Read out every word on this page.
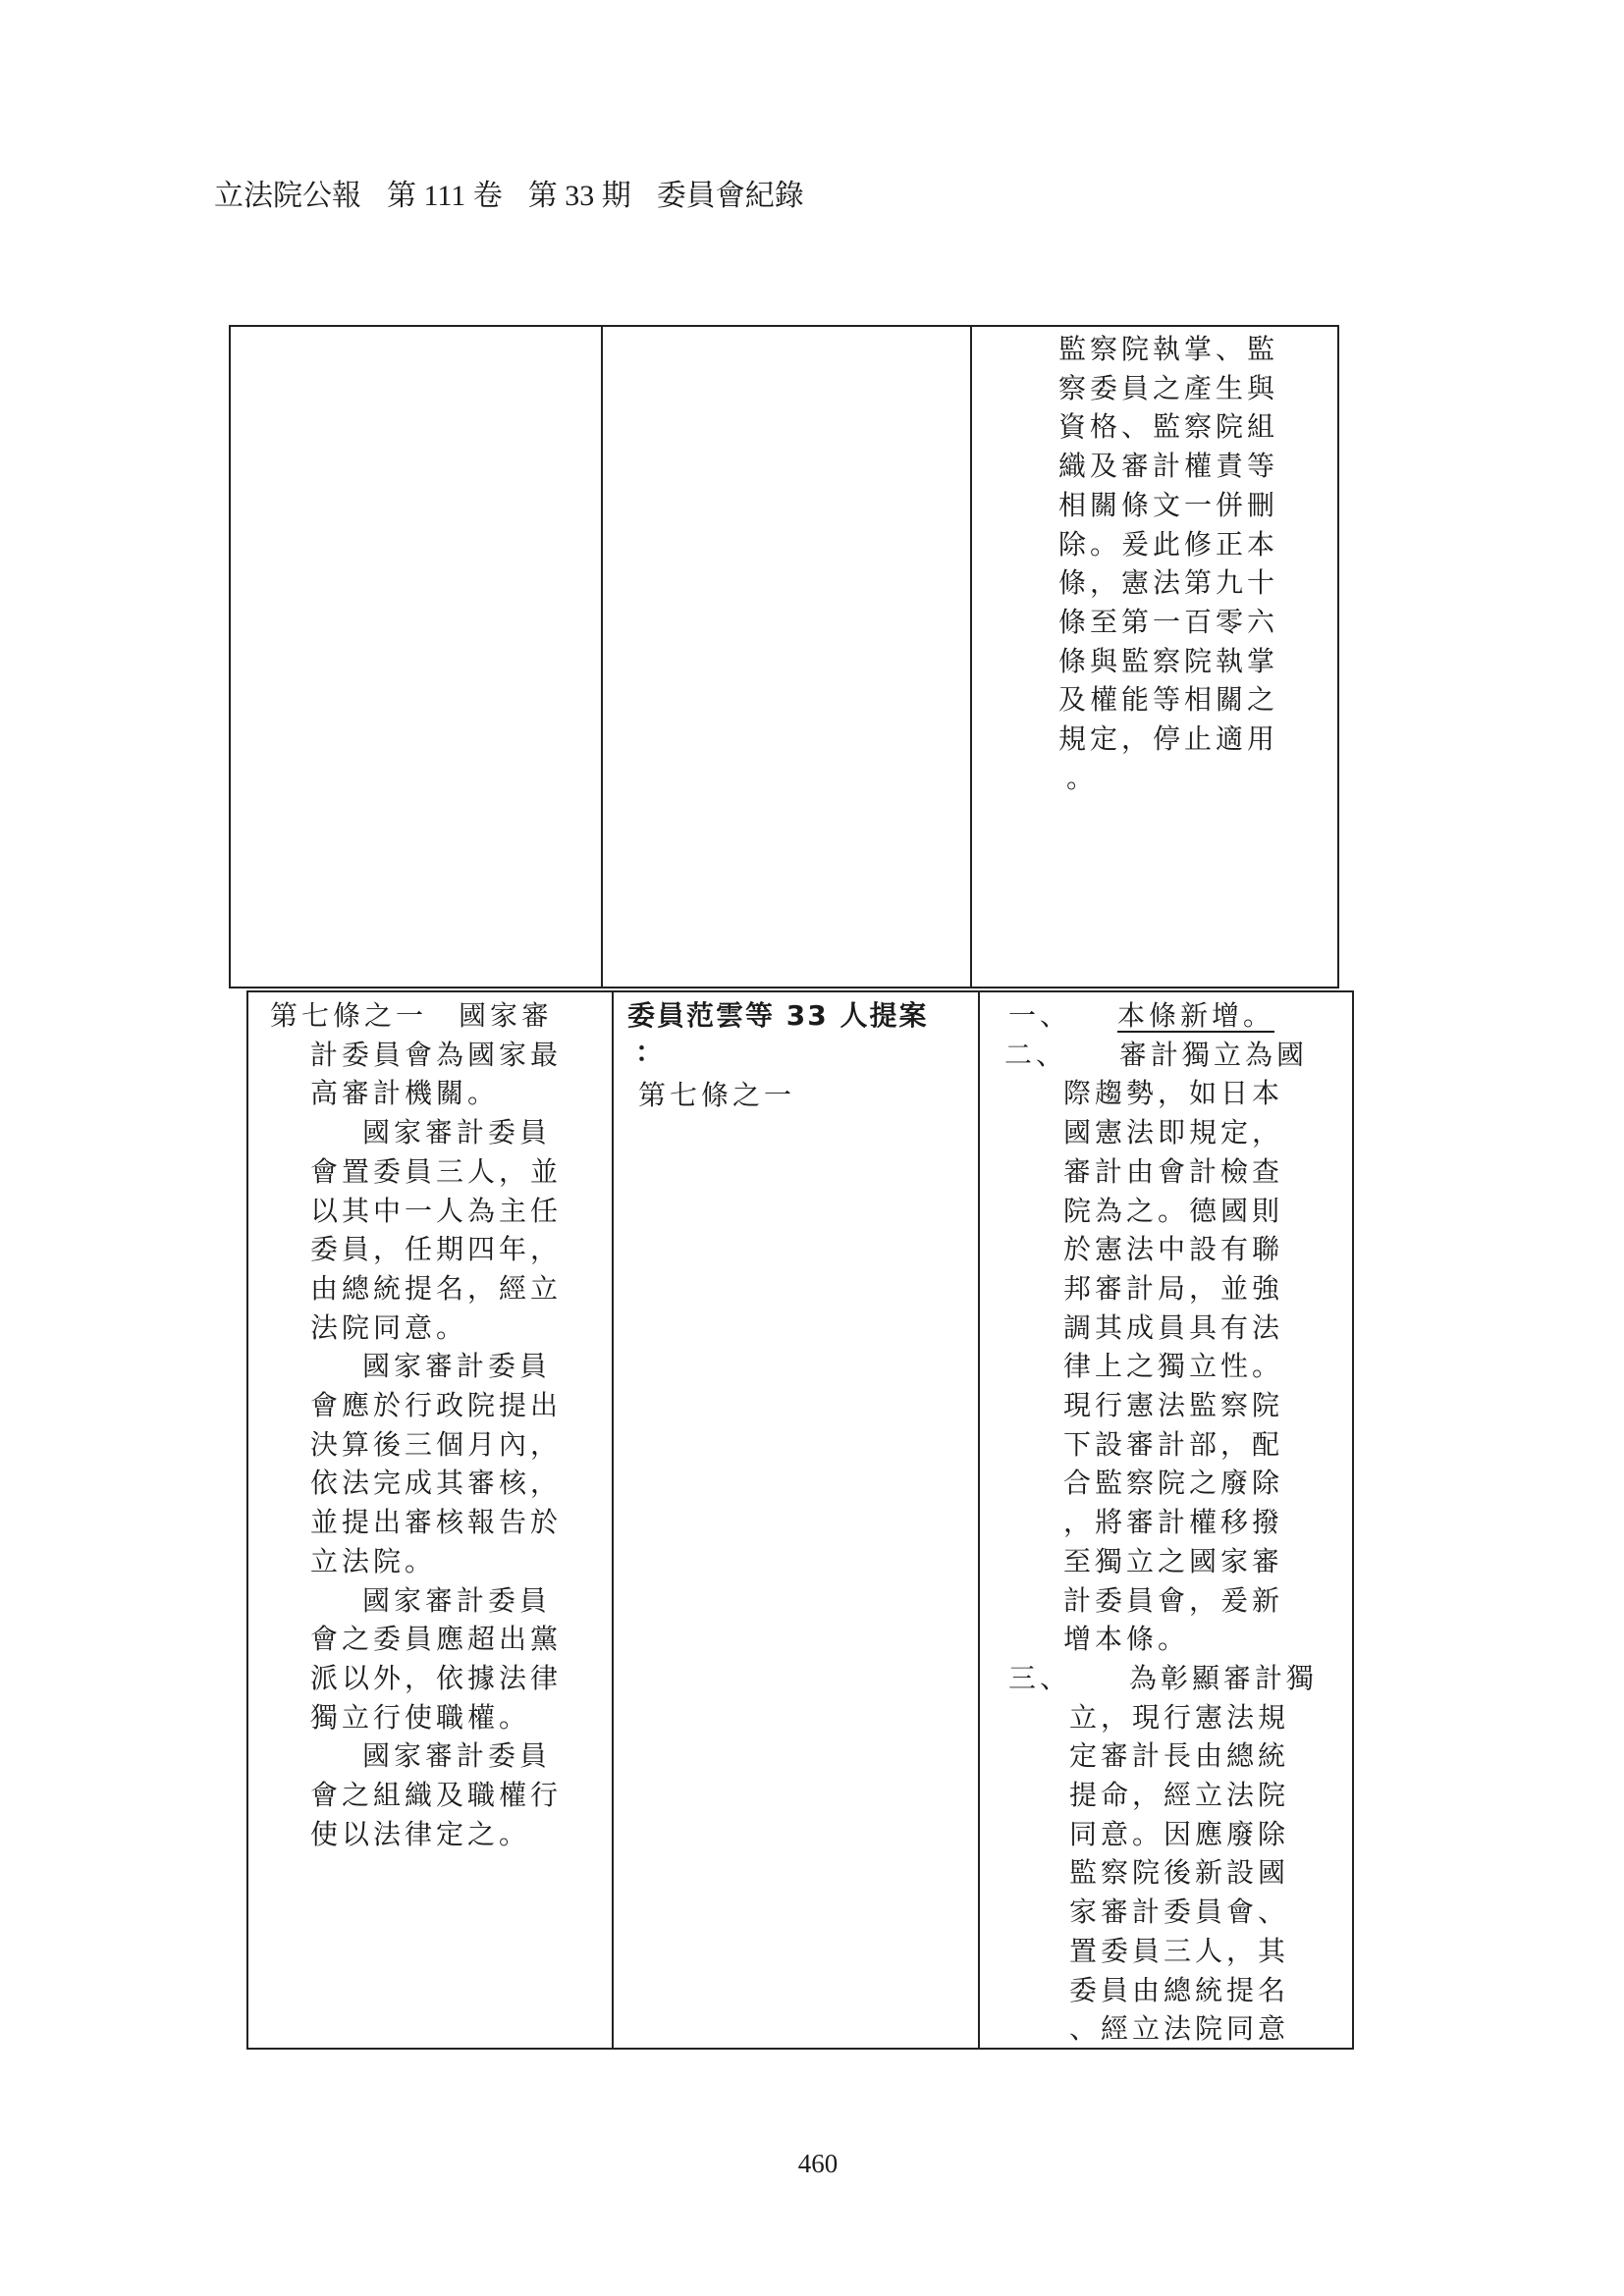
立法院公報 第 111 卷 第 33 期 委員會紀錄
監察院執掌、監
察委員之產生與
資格、監察院組
織及審計權責等
相關條文一併刪
除。爰此修正本
條，憲法第九十
條至第一百零六
條與監察院執掌
及權能等相關之
規定，停止適用
。
第七條之一　國家審
計委員會為國家最
高審計機關。
國家審計委員
會置委員三人，並
以其中一人為主任
委員，任期四年，
由總統提名，經立
法院同意。
國家審計委員
會應於行政院提出
決算後三個月內，
依法完成其審核，
並提出審核報告於
立法院。
國家審計委員
會之委員應超出黨
派以外，依據法律
獨立行使職權。
國家審計委員
會之組織及職權行
使以法律定之。
委員范雲等 33 人提案
：
第七條之一
一、 本條新增。
二、 審計獨立為國
際趨勢，如日本
國憲法即規定，
審計由會計檢查
院為之。德國則
於憲法中設有聯
邦審計局，並強
調其成員具有法
律上之獨立性。
現行憲法監察院
下設審計部，配
合監察院之廢除
，將審計權移撥
至獨立之國家審
計委員會，爰新
增本條。
三、 為彰顯審計獨
立，現行憲法規
定審計長由總統
提命，經立法院
同意。因應廢除
監察院後新設國
家審計委員會、
置委員三人，其
委員由總統提名
、經立法院同意
460
